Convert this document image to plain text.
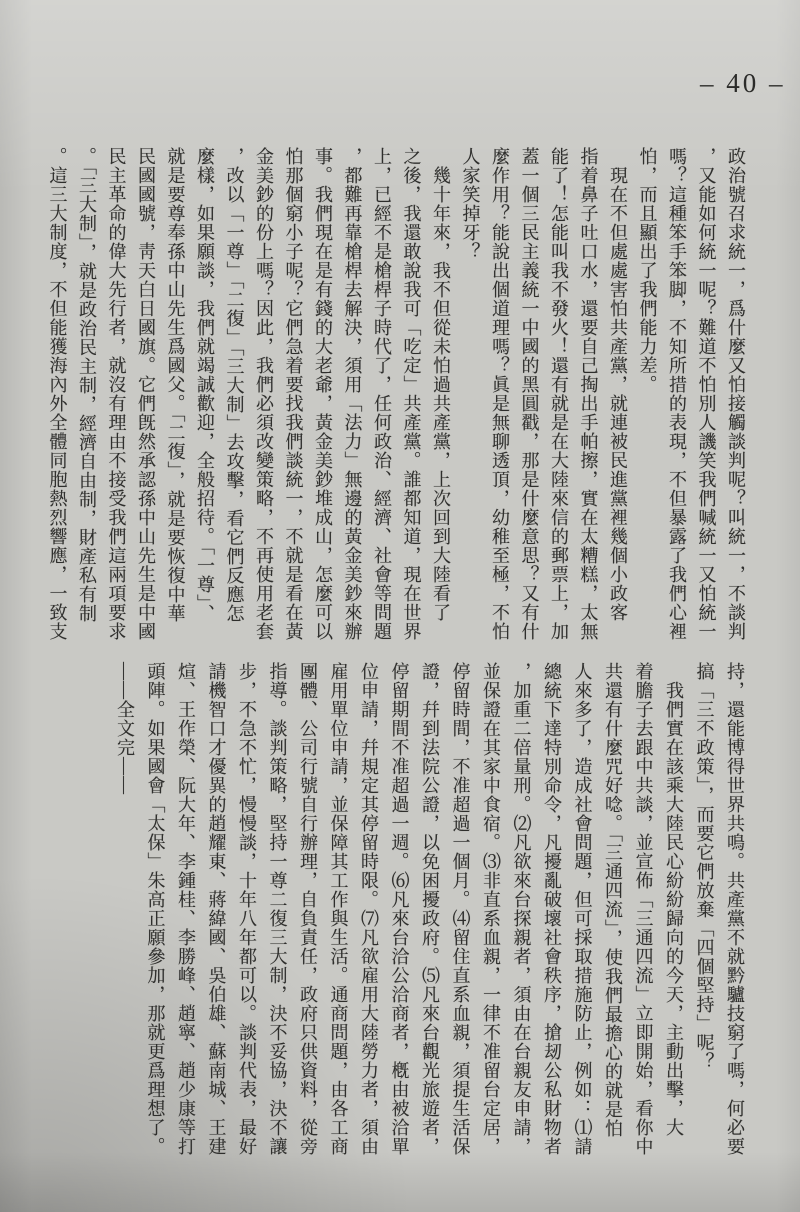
– 40 –
政治號召求統一，爲什麼又怕接觸談判呢？叫統一，不談判
，又能如何統一呢？難道不怕別人譏笑我們喊統一又怕統一
嗎？這種笨手笨脚，不知所措的表現，不但暴露了我們心裡
怕，而且顯出了我們能力差。
　現在不但處處害怕共產黨，就連被民進黨裡幾個小政客
指着鼻子吐口水，還要自己掏出手帕擦，實在太糟糕，太無
能了！怎能叫我不發火！還有就是在大陸來信的郵票上，加
蓋一個三民主義統一中國的黑圓戳，那是什麼意思？又有什
麼作用？能說出個道理嗎？眞是無聊透頂，幼稚至極，不怕
人家笑掉牙？
　幾十年來，我不但從未怕過共產黨，上次回到大陸看了
之後，我還敢說我可「吃定」共產黨。誰都知道，現在世界
上，已經不是槍桿子時代了，任何政治、經濟、社會等問題
，都難再靠槍桿去解決，須用「法力」無邊的黃金美鈔來辦
事。我們現在是有錢的大老爺，黃金美鈔堆成山，怎麼可以
怕那個窮小子呢？它們急着要找我們談統一，不就是看在黃
金美鈔的份上嗎？因此，我們必須改變策略，不再使用老套
，改以「一尊」「二復」「三大制」去攻擊，看它們反應怎
麼樣，如果願談，我們就竭誠歡迎，全般招待。「一尊」、
就是要尊奉孫中山先生爲國父。「二復」，就是要恢復中華
民國國號，靑天白日國旗。它們旣然承認孫中山先生是中國
民主革命的偉大先行者，就沒有理由不接受我們這兩項要求
。「三大制」，就是政治民主制，經濟自由制，財產私有制
。這三大制度，不但能獲海內外全體同胞熱烈響應，一致支
持，還能博得世界共鳴。共產黨不就黔驢技窮了嗎，何必要
搞「三不政策」，而要它們放棄「四個堅持」呢？
　我們實在該乘大陸民心紛紛歸向的今天，主動出擊，大
着膽子去跟中共談，並宣佈「三通四流」立即開始，看你中
共還有什麼咒好唸。「三通四流」，使我們最擔心的就是怕
人來多了，造成社會問題，但可採取措施防止，例如：⑴請
總統下達特別命令，凡擾亂破壞社會秩序，搶刼公私財物者
，加重二倍量刑。⑵凡欲來台探親者，須由在台親友申請，
並保證在其家中食宿。⑶非直系血親，一律不准留台定居，
停留時間，不准超過一個月。⑷留住直系血親，須提生活保
證，幷到法院公證，以免困擾政府。⑸凡來台觀光旅遊者，
停留期間不准超過一週。⑹凡來台洽公洽商者，槪由被洽單
位申請，幷規定其停留時限。⑺凡欲雇用大陸勞力者，須由
雇用單位申請，並保障其工作與生活。通商問題，由各工商
團體、公司行號自行辦理，自負責任，政府只供資料，從旁
指導。談判策略，堅持一尊二復三大制，決不妥協，決不讓
步，不急不忙，慢慢談，十年八年都可以。談判代表，最好
請機智口才優異的趙耀東、蔣緯國、吳伯雄、蘇南城、王建
煊、王作榮、阮大年、李鍾桂、李勝峰、趙寧、趙少康等打
頭陣。如果國會「太保」朱高正願參加，那就更爲理想了。
——全文完——
